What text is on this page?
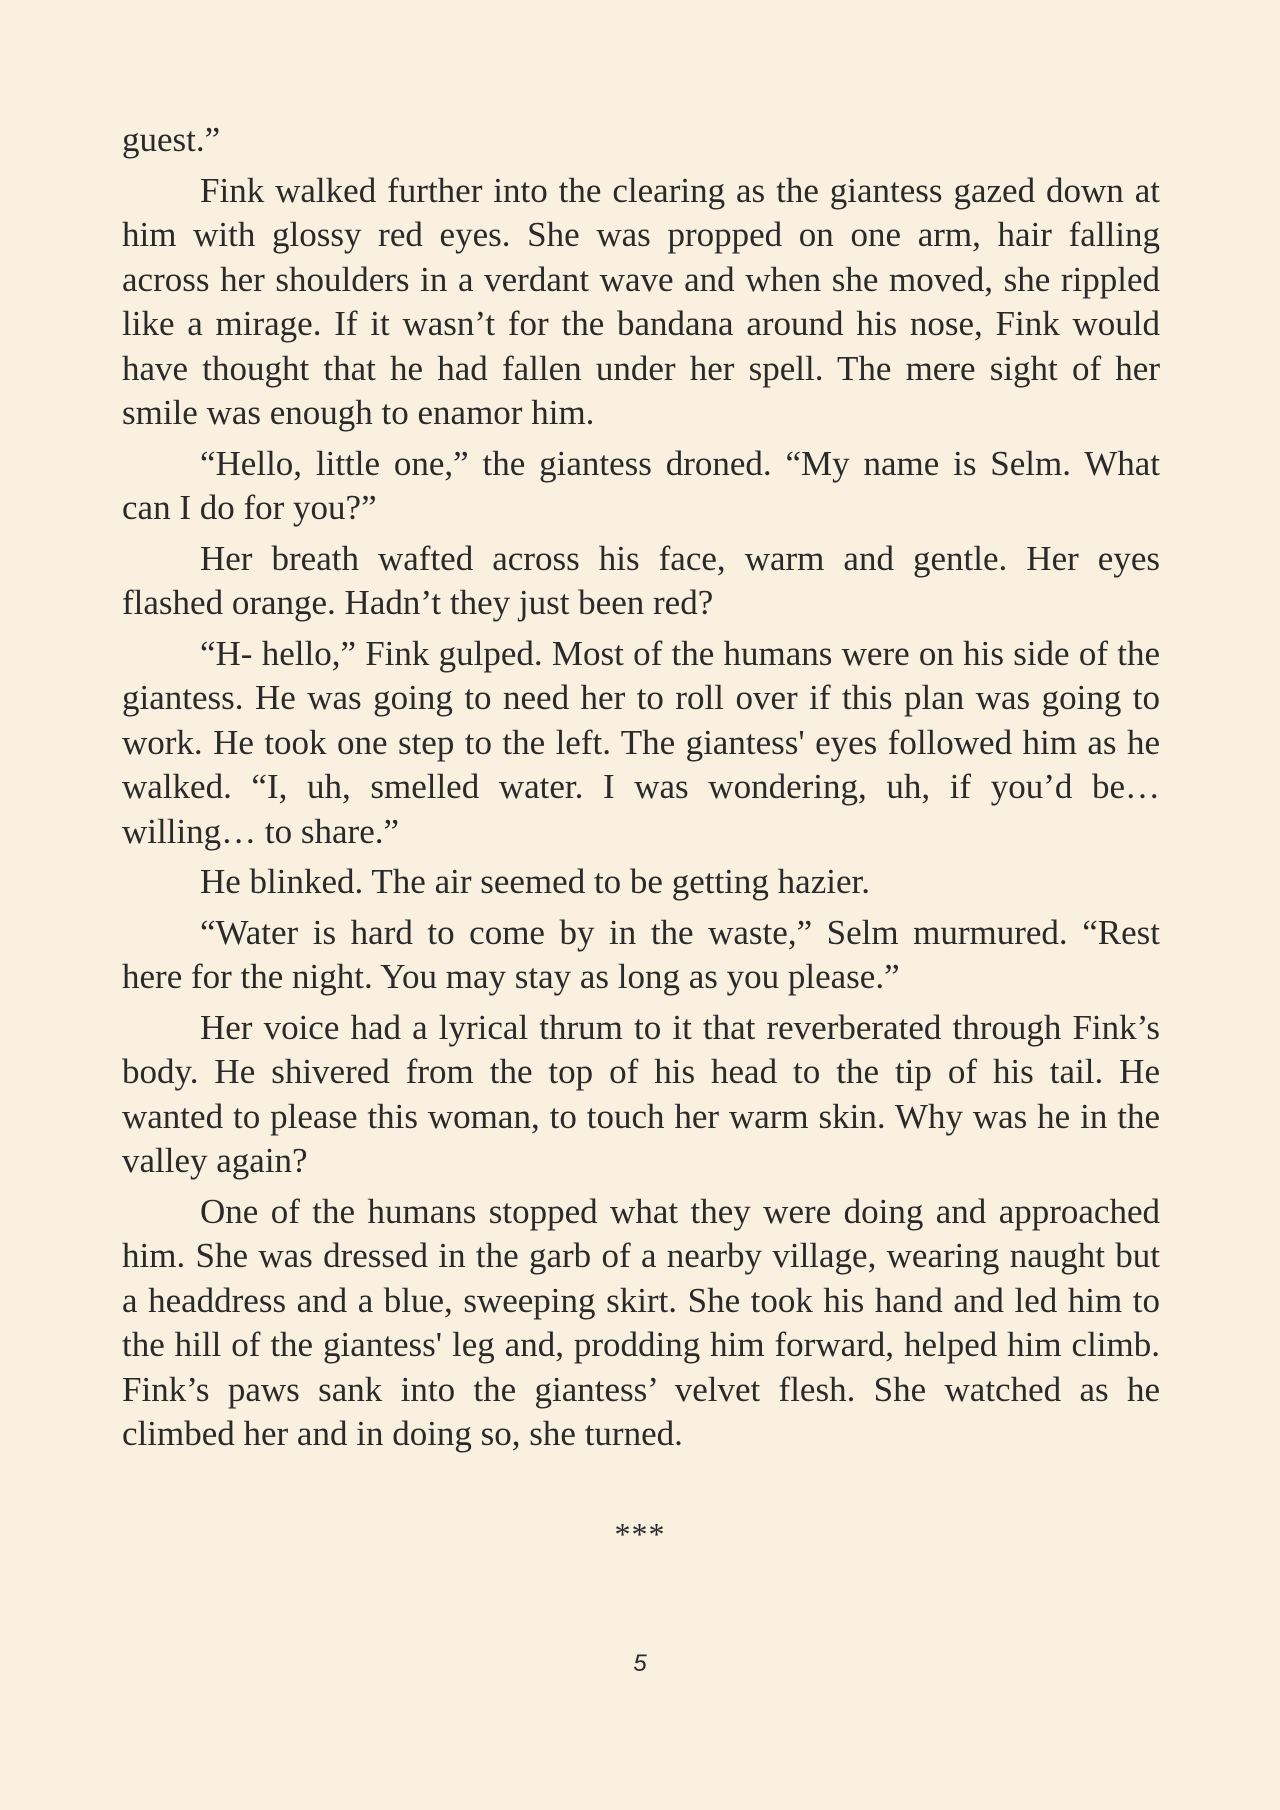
guest.”

Fink walked further into the clearing as the giantess gazed down at him with glossy red eyes. She was propped on one arm, hair falling across her shoulders in a verdant wave and when she moved, she rippled like a mirage. If it wasn’t for the bandana around his nose, Fink would have thought that he had fallen under her spell. The mere sight of her smile was enough to enamor him.

“Hello, little one,” the giantess droned. “My name is Selm. What can I do for you?”

Her breath wafted across his face, warm and gentle. Her eyes flashed orange. Hadn’t they just been red?

“H- hello,” Fink gulped. Most of the humans were on his side of the giantess. He was going to need her to roll over if this plan was going to work. He took one step to the left. The giantess' eyes followed him as he walked. “I, uh, smelled water. I was wondering, uh, if you’d be… willing… to share.”

He blinked. The air seemed to be getting hazier.

“Water is hard to come by in the waste,” Selm murmured. “Rest here for the night. You may stay as long as you please.”

Her voice had a lyrical thrum to it that reverberated through Fink’s body. He shivered from the top of his head to the tip of his tail. He wanted to please this woman, to touch her warm skin. Why was he in the valley again?

One of the humans stopped what they were doing and approached him. She was dressed in the garb of a nearby village, wearing naught but a headdress and a blue, sweeping skirt. She took his hand and led him to the hill of the giantess' leg and, prodding him forward, helped him climb. Fink’s paws sank into the giantess’ velvet flesh. She watched as he climbed her and in doing so, she turned.

***
5
